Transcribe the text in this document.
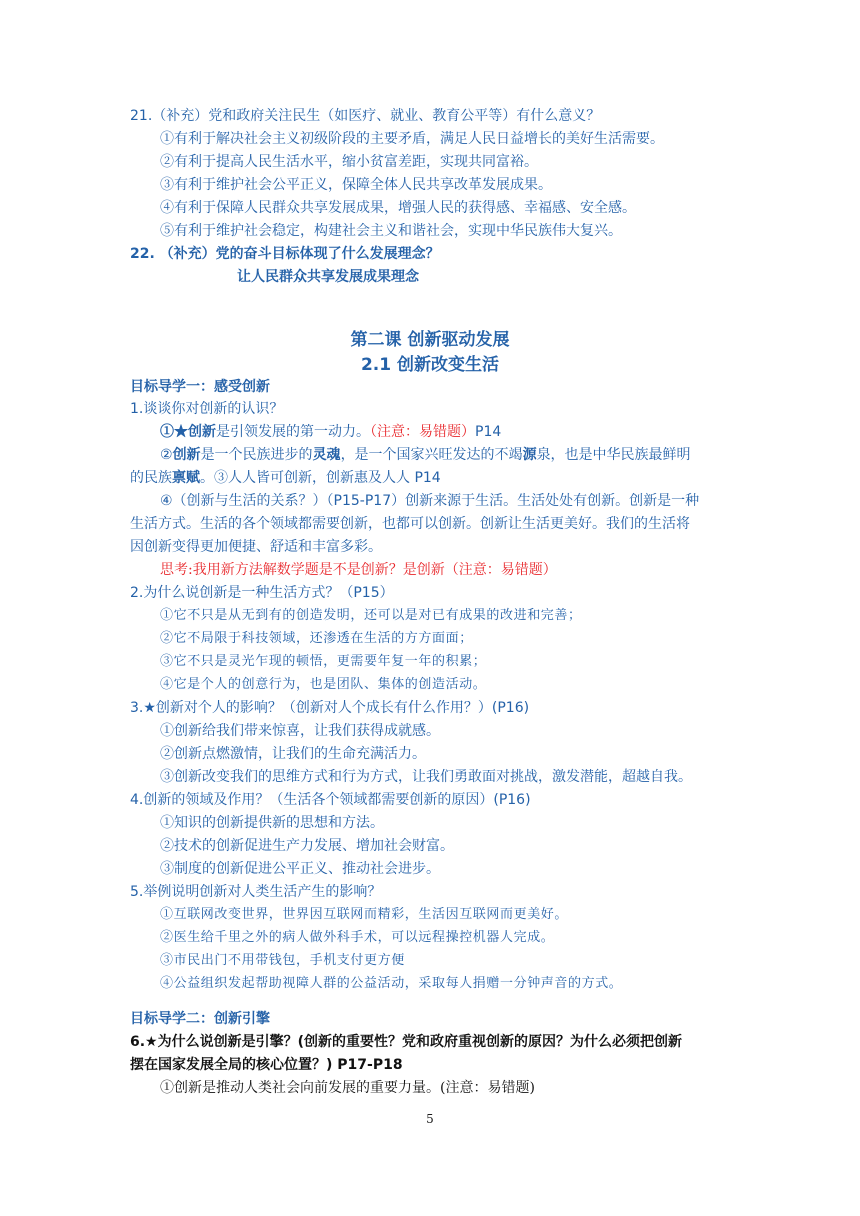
21.（补充）党和政府关注民生（如医疗、就业、教育公平等）有什么意义？
①有利于解决社会主义初级阶段的主要矛盾，满足人民日益增长的美好生活需要。
②有利于提高人民生活水平，缩小贫富差距，实现共同富裕。
③有利于维护社会公平正义，保障全体人民共享改革发展成果。
④有利于保障人民群众共享发展成果，增强人民的获得感、幸福感、安全感。
⑤有利于维护社会稳定，构建社会主义和谐社会，实现中华民族伟大复兴。
22. （补充）党的奋斗目标体现了什么发展理念？
让人民群众共享发展成果理念
第二课 创新驱动发展
2.1 创新改变生活
目标导学一：感受创新
1.谈谈你对创新的认识？
①★创新是引领发展的第一动力。（注意：易错题）P14
②创新是一个民族进步的灵魂，是一个国家兴旺发达的不竭源泉，也是中华民族最鲜明
的民族禀赋。③人人皆可创新，创新惠及人人 P14
④（创新与生活的关系？）（P15-P17）创新来源于生活。生活处处有创新。创新是一种
生活方式。生活的各个领域都需要创新，也都可以创新。创新让生活更美好。我们的生活将
因创新变得更加便捷、舒适和丰富多彩。
思考:我用新方法解数学题是不是创新？是创新（注意：易错题）
2.为什么说创新是一种生活方式？（P15）
①它不只是从无到有的创造发明，还可以是对已有成果的改进和完善；
②它不局限于科技领域，还渗透在生活的方方面面；
③它不只是灵光乍现的顿悟，更需要年复一年的积累；
④它是个人的创意行为，也是团队、集体的创造活动。
3.★创新对个人的影响？（创新对人个成长有什么作用？）(P16)
①创新给我们带来惊喜，让我们获得成就感。
②创新点燃激情，让我们的生命充满活力。
③创新改变我们的思维方式和行为方式，让我们勇敢面对挑战，激发潜能，超越自我。
4.创新的领域及作用？（生活各个领域都需要创新的原因）(P16)
①知识的创新提供新的思想和方法。
②技术的创新促进生产力发展、增加社会财富。
③制度的创新促进公平正义、推动社会进步。
5.举例说明创新对人类生活产生的影响？
①互联网改变世界，世界因互联网而精彩，生活因互联网而更美好。
②医生给千里之外的病人做外科手术，可以远程操控机器人完成。
③市民出门不用带钱包，手机支付更方便
④公益组织发起帮助视障人群的公益活动，采取每人捐赠一分钟声音的方式。
目标导学二：创新引擎
6.★为什么说创新是引擎？(创新的重要性？党和政府重视创新的原因？为什么必须把创新
摆在国家发展全局的核心位置？) P17-P18
①创新是推动人类社会向前发展的重要力量。(注意：易错题)
5
